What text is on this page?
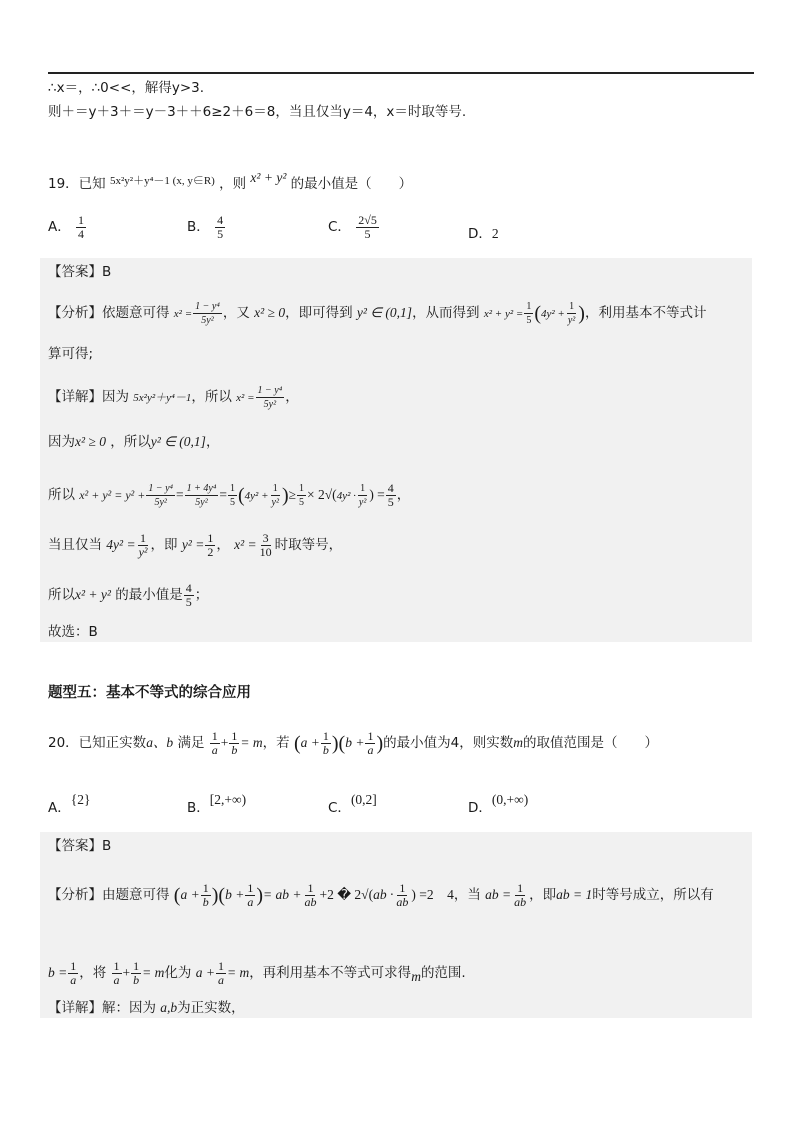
∴x＝，∴0<<，解得y>3.
则＋＝y＋3＋＝y－3＋＋6≥2＋6＝8，当且仅当y＝4，x＝时取等号.
19．已知 $^{5x^2y^2+y^4-1 (x, y\in R)}$ ，则 x² + y² 的最小值是（　　）
A． $\frac{1}{4}$	B． $\frac{4}{5}$	C． $\frac{2√5}{5}$	D．2
【答案】B
【分析】依题意可得 $x^2 = \frac{\text{1 − y⁴}}{\text{5y²}}$ ，又 x² ≥ 0，即可得到 y² ∈ (0,1]，从而得到 $x^2 + y^2 = \frac{1}{5} (4y^2 + \frac{1}{\text{y²}}$ )，利用基本不等式计
算可得;
【详解】因为 5x²y²＋y⁴－1，所以 $x^2 = \frac{\text{1 − y⁴}}{\text{5y²}}$ ，
因为x² ≥ 0 ，所以y² ∈ (0,1]，
所以 $x^2 + y^2 = y^2 + \frac{\text{1 − y⁴}}{\text{5y²}} = \frac{\text{1 + 4y⁴}}{\text{5y²}} = \frac{1}{5} (4y^2 + \frac{1}{\text{y²}}$ )≥ $\frac{1}{5} \times 2√(4y^2 \cdot \frac{1}{\text{y²}}$ ) = $\frac{4}{5}$ ，
当且仅当 $4y^2 = \frac{1}{\text{y²}}$ ，即 $y^2 = \frac{1}{2}$ ， $x^2 = \frac{3}{10}$ 时取等号，
所以x² + y² 的最小值是 $\frac{4}{5}$ ；
故选：B
题型五：基本不等式的综合应用
20．已知正实数a、b 满足 $\frac{1}{a} + \frac{1}{b} = m$，若 $(a + \frac{1}{b} )(b + \frac{1}{a}$ )的最小值为4，则实数m的取值范围是（　　）
A．{2}
B．[2,+∞)
C．(0,2]
D．(0,+∞)
【答案】B
【分析】由题意可得 $(a + \frac{1}{b} )(b + \frac{1}{a}$ )= ab + $\frac{1}{ab} +2$ � $2√(ab \cdot \frac{1}{ab}$ ) =2　4，当 ab = $\frac{1}{ab}$ ，即ab = 1时等号成立，所以有
$b = \frac{1}{a}$ ，将 $\frac{1}{a} + \frac{1}{b} = m$化为 $a + \frac{1}{a} = m$，再利用基本不等式可求得m的范围.
【详解】解：因为 a,b为正实数，
